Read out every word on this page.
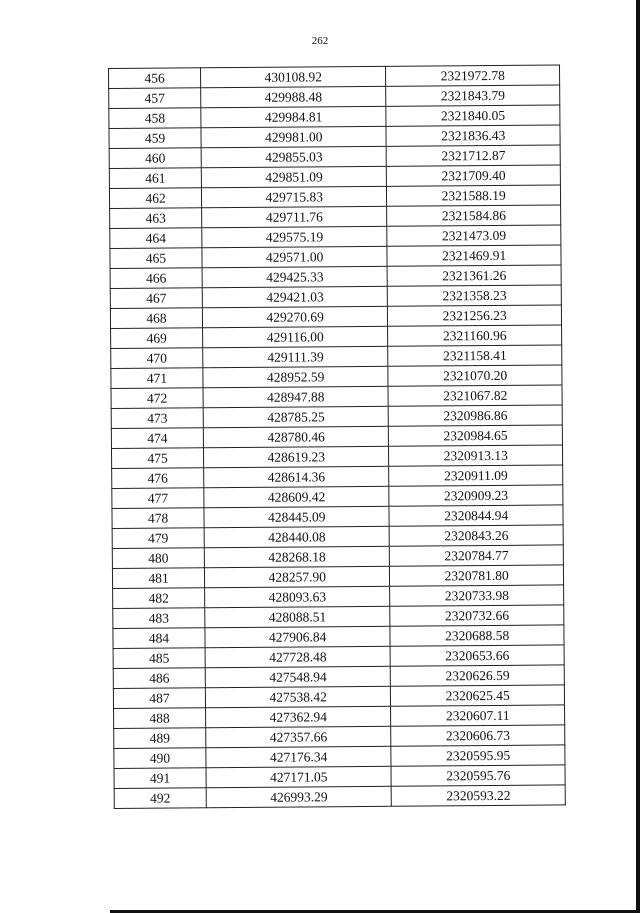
262
456	430108.92	2321972.78
457	429988.48	2321843.79
458	429984.81	2321840.05
459	429981.00	2321836.43
460	429855.03	2321712.87
461	429851.09	2321709.40
462	429715.83	2321588.19
463	429711.76	2321584.86
464	429575.19	2321473.09
465	429571.00	2321469.91
466	429425.33	2321361.26
467	429421.03	2321358.23
468	429270.69	2321256.23
469	429116.00	2321160.96
470	429111.39	2321158.41
471	428952.59	2321070.20
472	428947.88	2321067.82
473	428785.25	2320986.86
474	428780.46	2320984.65
475	428619.23	2320913.13
476	428614.36	2320911.09
477	428609.42	2320909.23
478	428445.09	2320844.94
479	428440.08	2320843.26
480	428268.18	2320784.77
481	428257.90	2320781.80
482	428093.63	2320733.98
483	428088.51	2320732.66
484	427906.84	2320688.58
485	427728.48	2320653.66
486	427548.94	2320626.59
487	427538.42	2320625.45
488	427362.94	2320607.11
489	427357.66	2320606.73
490	427176.34	2320595.95
491	427171.05	2320595.76
492	426993.29	2320593.22
